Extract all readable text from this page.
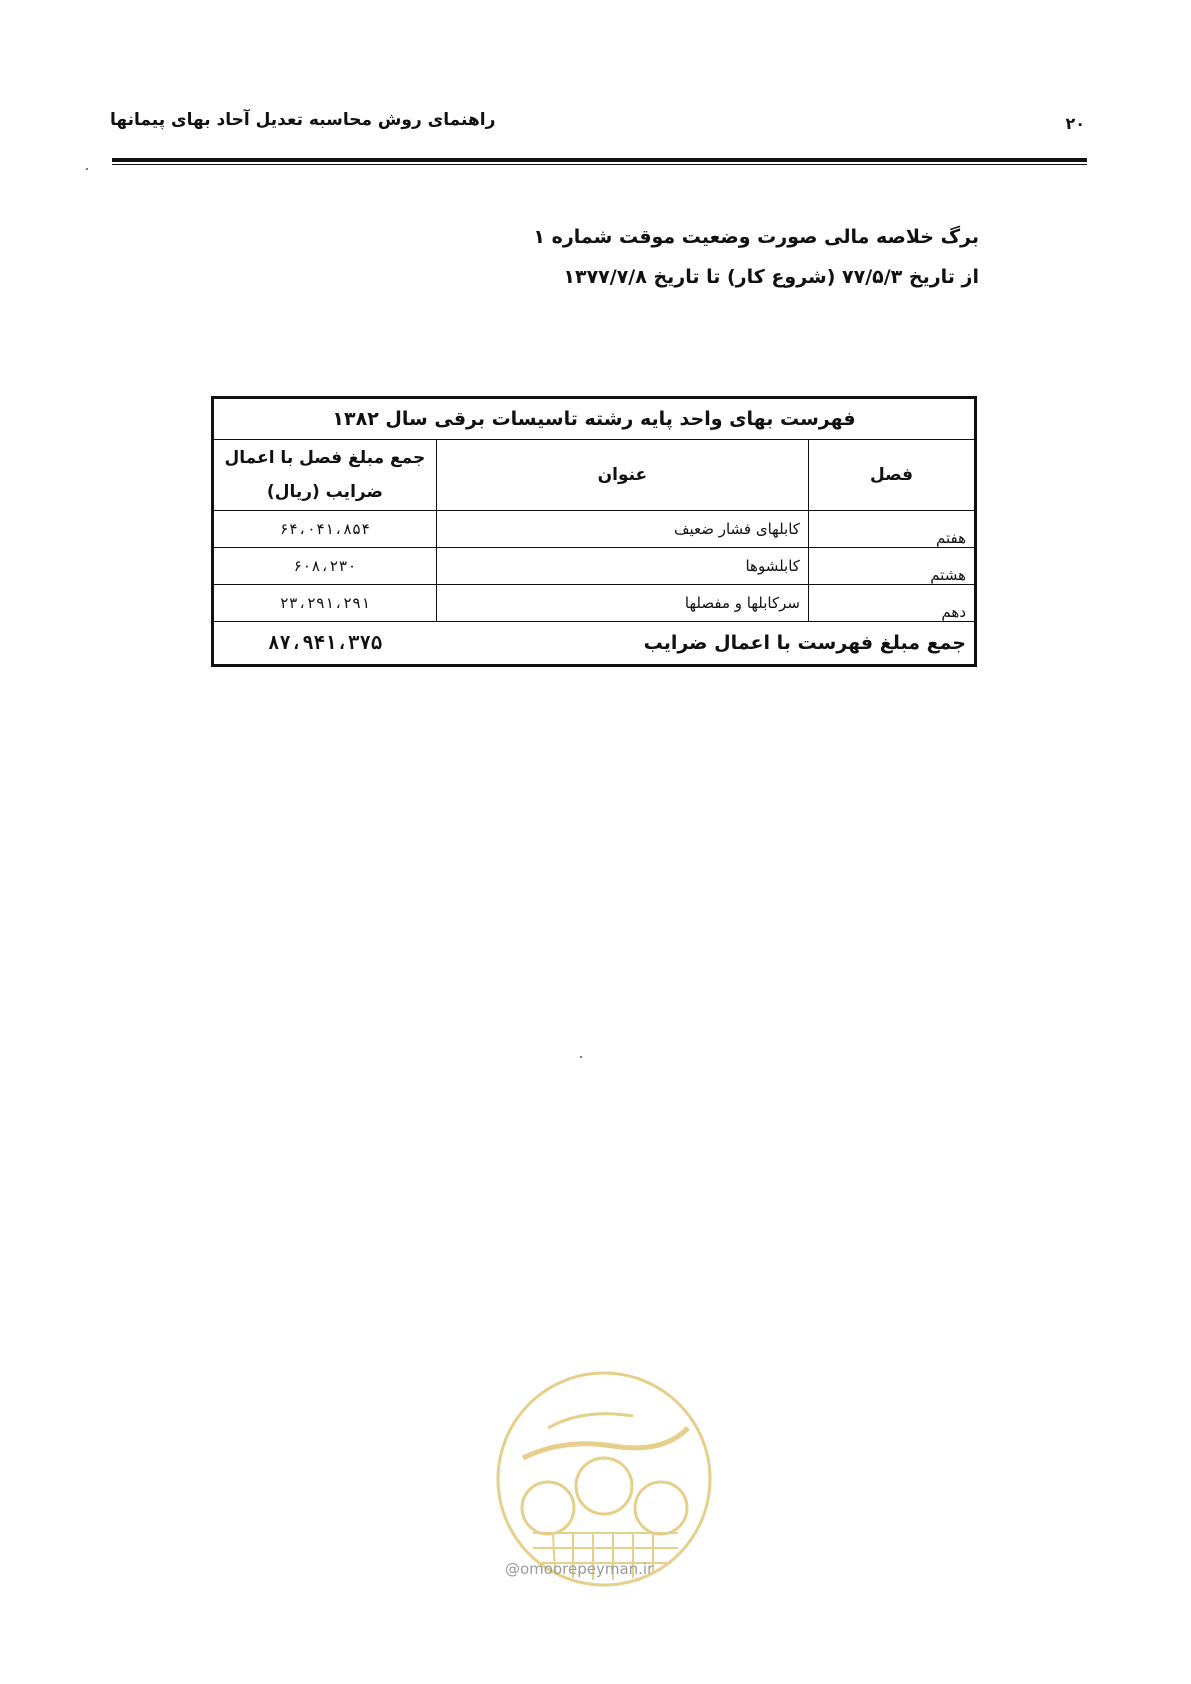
۲۰
راهنمای روش محاسبه تعدیل آحاد بهای پیمانها
برگ خلاصه مالی صورت وضعیت موقت شماره ۱
از تاریخ ۷۷/۵/۳ (شروع کار) تا تاریخ ۱۳۷۷/۷/۸
فهرست بهای واحد پایه رشته تاسیسات برقی سال ۱۳۸۲		
فصل	عنوان	جمع مبلغ فصل با اعمال ضرایب (ریال)
هفتم	کابلهای فشار ضعیف	۶۴،۰۴۱،۸۵۴
هشتم	کابلشوها	۶۰۸،۲۳۰
دهم	سرکابلها و مفصلها	۲۳،۲۹۱،۲۹۱
جمع مبلغ فهرست با اعمال ضرایب		۸۷،۹۴۱،۳۷۵
@omoorepeyman.ir
